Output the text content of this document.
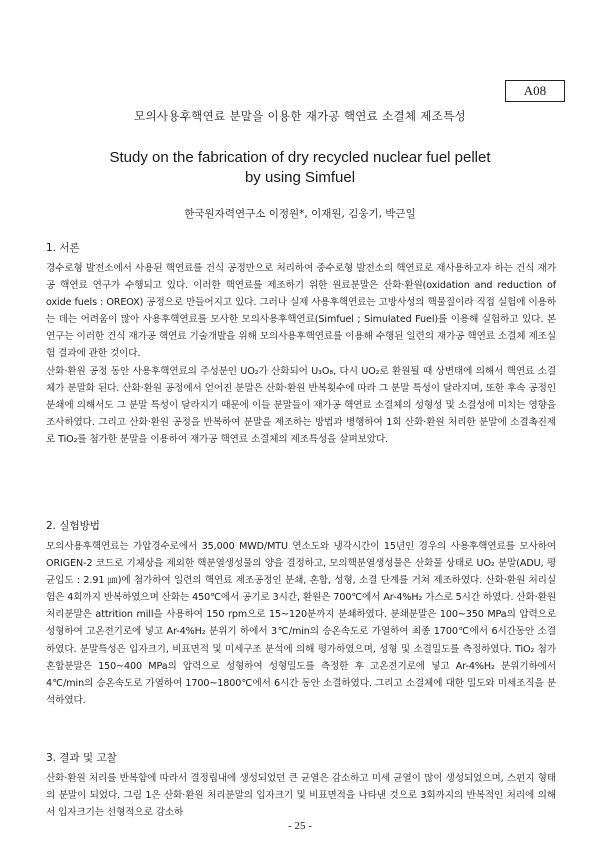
A08
모의사용후핵연료 분말을 이용한 재가공 핵연료 소결체 제조특성
Study on the fabrication of dry recycled nuclear fuel pellet
by using Simfuel
한국원자력연구소 이정원*, 이재원, 김웅기, 박근일
1. 서론

경수로형 발전소에서 사용된 핵연료를 건식 공정만으로 처리하여 중수로형 발전소의 핵연료로 재사용하고자 하는 건식 재가공 핵연료 연구가 수행되고 있다. 이러한 핵연료를 제조하기 위한 원료분말은 산화·환원(oxidation and reduction of oxide fuels : OREOX) 공정으로 만들어지고 있다. 그러나 실제 사용후핵연료는 고방사성의 핵물질이라 직접 실험에 이용하는 데는 어려움이 많아 사용후핵연료를 모사한 모의사용후핵연료(Simfuel ; Simulated Fuel)를 이용해 실험하고 있다. 본 연구는 이러한 건식 재가공 핵연료 기술개발을 위해 모의사용후핵연료를 이용해 수행된 일련의 재가공 핵연료 소결체 제조실험 결과에 관한 것이다.

산화·환원 공정 동안 사용후핵연료의 주성분인 UO₂가 산화되어 U₃O₈, 다시 UO₂로 환원될 때 상변태에 의해서 핵연료 소결체가 분말화 된다. 산화·환원 공정에서 얻어진 분말은 산화·환원 반복횟수에 따라 그 분말 특성이 달라지며, 또한 후속 공정인 분쇄에 의해서도 그 분말 특성이 달라지기 때문에 이들 분말들이 재가공 핵연료 소결체의 성형성 및 소결성에 미치는 영향을 조사하였다. 그리고 산화·환원 공정을 반복하여 분말을 제조하는 방법과 병행하여 1회 산화·환원 처리한 분말에 소결촉진제로 TiO₂를 첨가한 분말을 이용하여 재가공 핵연료 소결체의 제조특성을 살펴보았다.

2. 실험방법

모의사용후핵연료는 가압경수로에서 35,000 MWD/MTU 연소도와 냉각시간이 15년인 경우의 사용후핵연료를 모사하여 ORIGEN-2 코드로 기체상을 제외한 핵분열생성물의 양을 결정하고, 모의핵분열생성물은 산화물 상태로 UO₂ 분말(ADU, 평균입도 : 2.91 ㎛)에 첨가하여 일련의 핵연료 제조공정인 분쇄, 혼합, 성형, 소결 단계를 거쳐 제조하였다. 산화·환원 처리실험은 4회까지 반복하였으며 산화는 450℃에서 공기로 3시간, 환원은 700℃에서 Ar-4%H₂ 가스로 5시간 하였다. 산화·환원 처리분말은 attrition mill을 사용하여 150 rpm으로 15~120분까지 분쇄하였다. 분쇄분말은 100~350 MPa의 압력으로 성형하여 고온전기로에 넣고 Ar-4%H₂ 분위기 하에서 3℃/min의 승온속도로 가열하여 최종 1700℃에서 6시간동안 소결하였다. 분말특성은 입자크기, 비표면적 및 미세구조 분석에 의해 평가하였으며, 성형 및 소결밀도를 측정하였다. TiO₂ 첨가 혼합분말은 150~400 MPa의 압력으로 성형하여 성형밀도를 측정한 후 고온전기로에 넣고 Ar-4%H₂ 분위기하에서 4℃/min의 승온속도로 가열하여 1700~1800℃에서 6시간 동안 소결하였다. 그리고 소결체에 대한 밀도와 미세조직을 분석하였다.

3. 결과 및 고찰

산화·환원 처리를 반복함에 따라서 결정립내에 생성되었던 큰 균열은 감소하고 미세 균열이 많이 생성되었으며, 스펀지 형태의 분말이 되었다. 그림 1은 산화·환원 처리분말의 입자크기 및 비표면적을 나타낸 것으로 3회까지의 반복적인 처리에 의해서 입자크기는 선형적으로 감소하

- 25 -
